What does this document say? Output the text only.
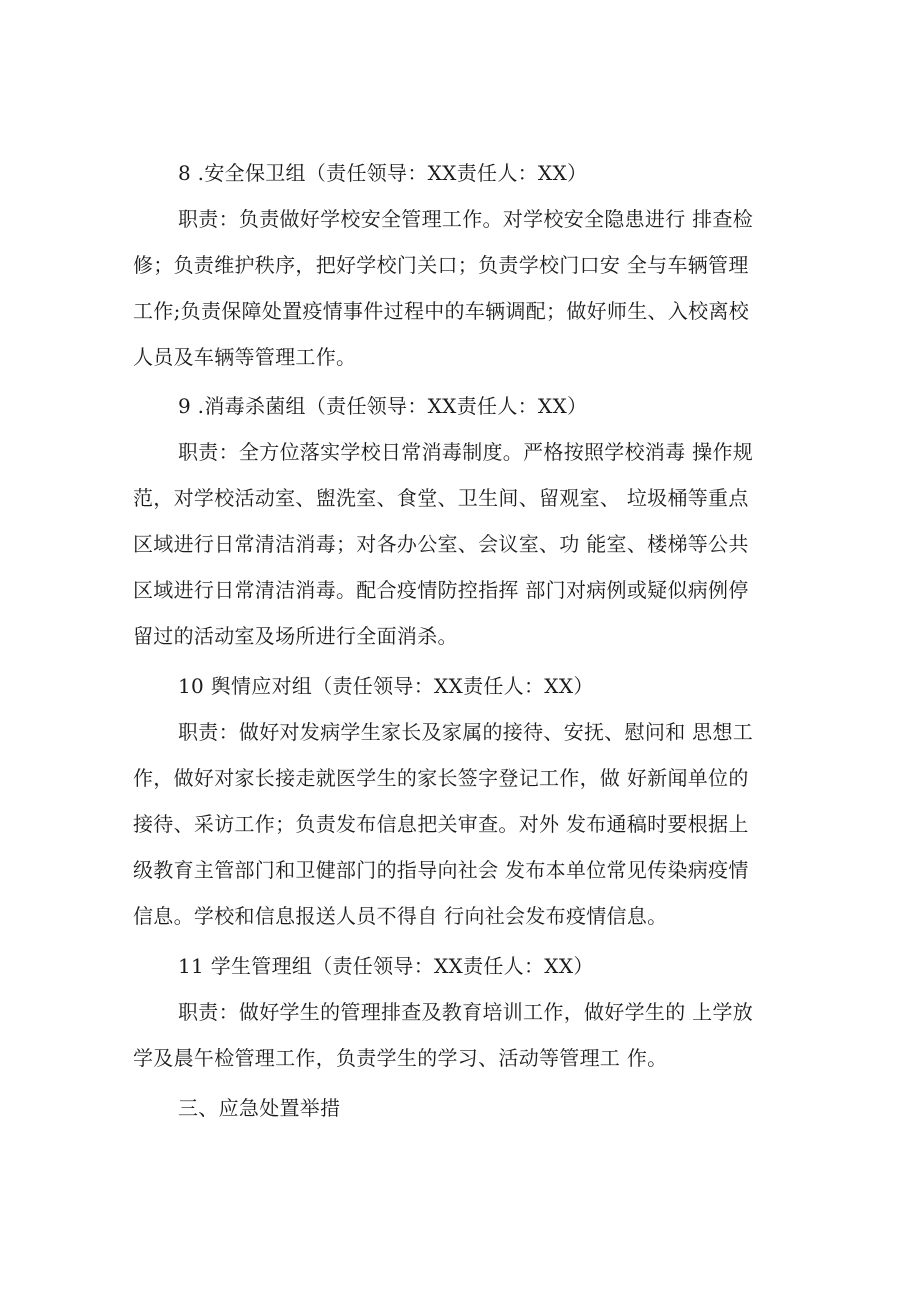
8 .安全保卫组（责任领导：XX责任人：XX）
职责：负责做好学校安全管理工作。对学校安全隐患进行 排查检
修；负责维护秩序，把好学校门关口；负责学校门口安 全与车辆管理
工作;负责保障处置疫情事件过程中的车辆调配；做好师生、入校离校
人员及车辆等管理工作。
9 .消毒杀菌组（责任领导：XX责任人：XX）
职责：全方位落实学校日常消毒制度。严格按照学校消毒 操作规
范，对学校活动室、盥洗室、食堂、卫生间、留观室、 垃圾桶等重点
区域进行日常清洁消毒；对各办公室、会议室、功 能室、楼梯等公共
区域进行日常清洁消毒。配合疫情防控指挥 部门对病例或疑似病例停
留过的活动室及场所进行全面消杀。
10 舆情应对组（责任领导：XX责任人：XX）
职责：做好对发病学生家长及家属的接待、安抚、慰问和 思想工
作，做好对家长接走就医学生的家长签字登记工作，做 好新闻单位的
接待、采访工作；负责发布信息把关审查。对外 发布通稿时要根据上
级教育主管部门和卫健部门的指导向社会 发布本单位常见传染病疫情
信息。学校和信息报送人员不得自 行向社会发布疫情信息。
11 学生管理组（责任领导：XX责任人：XX）
职责：做好学生的管理排查及教育培训工作，做好学生的 上学放
学及晨午检管理工作，负责学生的学习、活动等管理工 作。
三、应急处置举措
